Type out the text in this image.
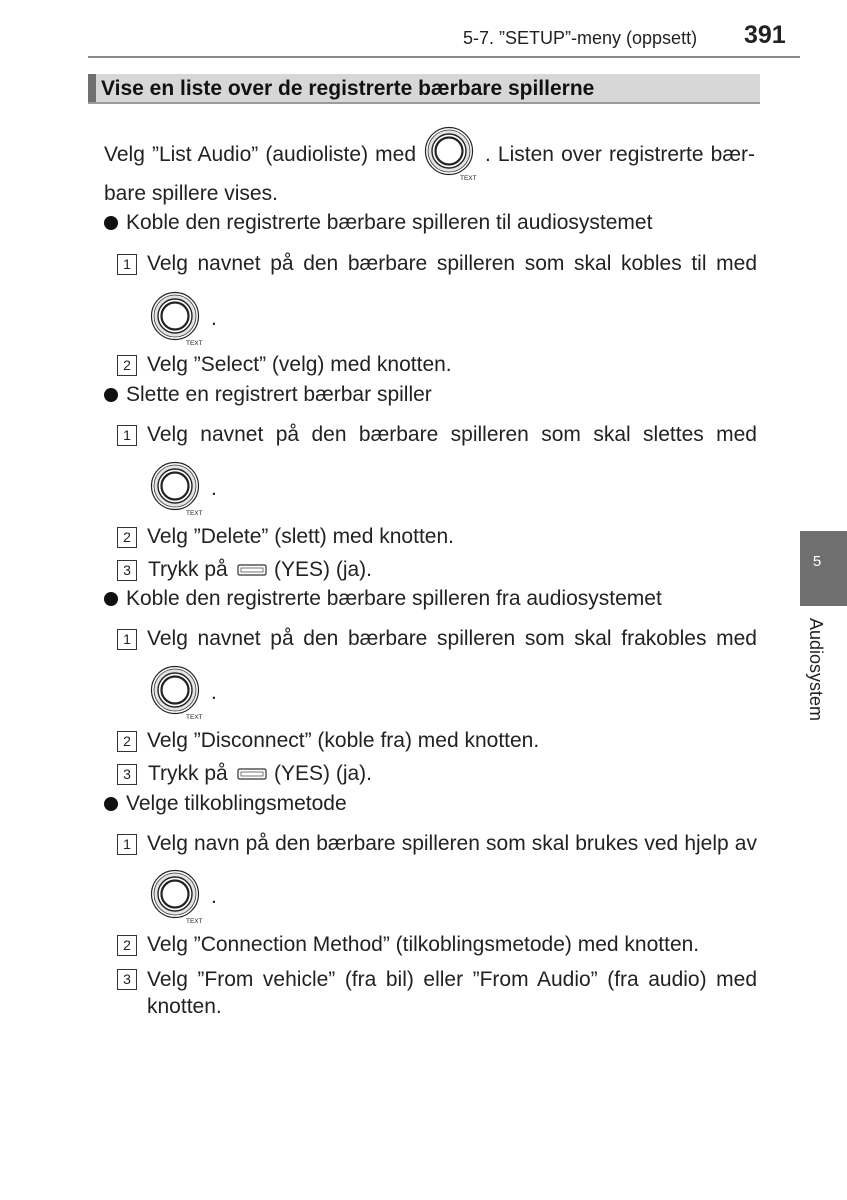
5-7. ”SETUP”-meny (oppsett) 391
Vise en liste over de registrerte bærbare spillerne
Velg ”List Audio” (audioliste) med
TEXT
. Listen over registrerte bær-
bare spillere vises.
Koble den registrerte bærbare spilleren til audiosystemet
1 Velg navnet på den bærbare spilleren som skal kobles til med
TEXT
.
2 Velg ”Select” (velg) med knotten.
Slette en registrert bærbar spiller
1 Velg navnet på den bærbare spilleren som skal slettes med
TEXT
.
2 Velg ”Delete” (slett) med knotten.
3 Trykk på (YES) (ja).
Koble den registrerte bærbare spilleren fra audiosystemet
1 Velg navnet på den bærbare spilleren som skal frakobles med
TEXT
.
2 Velg ”Disconnect” (koble fra) med knotten.
3 Trykk på (YES) (ja).
Velge tilkoblingsmetode
1 Velg navn på den bærbare spilleren som skal brukes ved hjelp av
TEXT
.
2 Velg ”Connection Method” (tilkoblingsmetode) med knotten.
3 Velg ”From vehicle” (fra bil) eller ”From Audio” (fra audio) med knotten.
5
Audiosystem
